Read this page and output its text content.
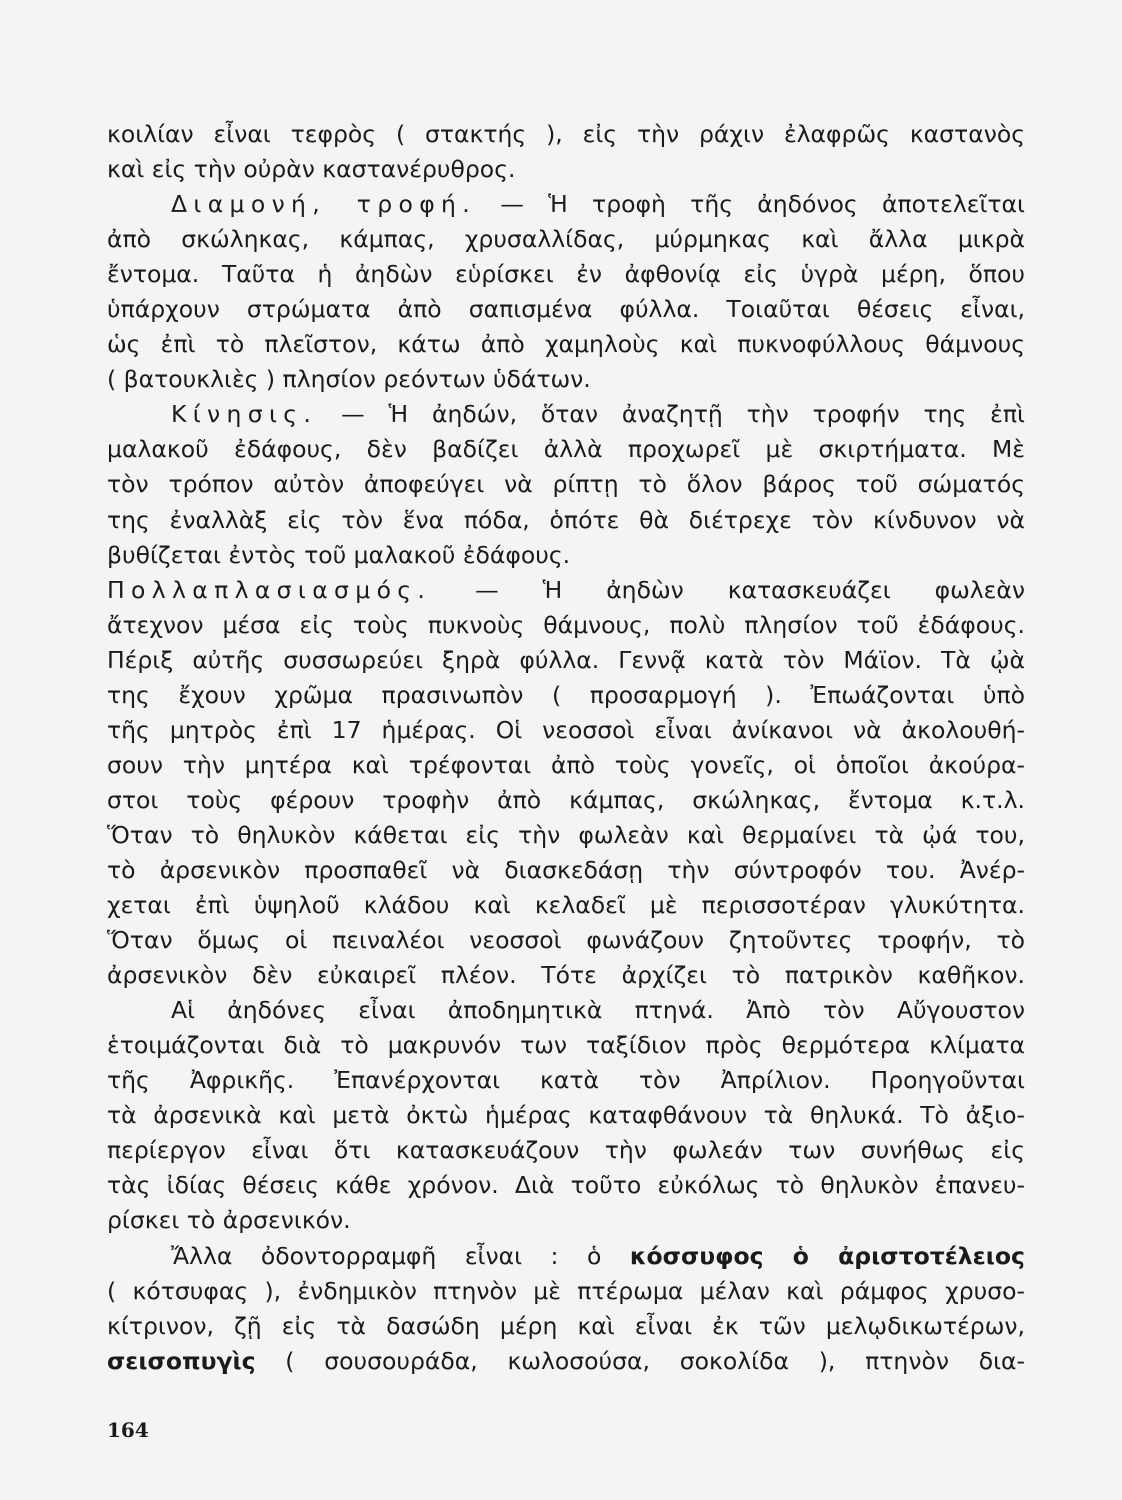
κοιλίαν εἶναι τεφρὸς ( στακτής ), εἰς τὴν ράχιν ἐλαφρῶς καστανὸς
καὶ εἰς τὴν οὐρὰν καστανέρυθρος.
Διαμονή, τροφή. — Ἡ τροφὴ τῆς ἀηδόνος ἀποτελεῖται
ἀπὸ σκώληκας, κάμπας, χρυσαλλίδας, μύρμηκας καὶ ἄλλα μικρὰ
ἔντομα. Ταῦτα ἡ ἀηδὼν εὑρίσκει ἐν ἀφθονίᾳ εἰς ὑγρὰ μέρη, ὅπου
ὑπάρχουν στρώματα ἀπὸ σαπισμένα φύλλα. Τοιαῦται θέσεις εἶναι,
ὡς ἐπὶ τὸ πλεῖστον, κάτω ἀπὸ χαμηλοὺς καὶ πυκνοφύλλους θάμνους
( βατουκλιὲς ) πλησίον ρεόντων ὑδάτων.
Κίνησις. — Ἡ ἀηδών, ὅταν ἀναζητῇ τὴν τροφήν της ἐπὶ
μαλακοῦ ἐδάφους, δὲν βαδίζει ἀλλὰ προχωρεῖ μὲ σκιρτήματα. Μὲ
τὸν τρόπον αὐτὸν ἀποφεύγει νὰ ρίπτῃ τὸ ὅλον βάρος τοῦ σώματός
της ἐναλλὰξ εἰς τὸν ἕνα πόδα, ὁπότε θὰ διέτρεχε τὸν κίνδυνον νὰ
βυθίζεται ἐντὸς τοῦ μαλακοῦ ἐδάφους.
Πολλαπλασιασμός. — Ἡ ἀηδὼν κατασκευάζει φωλεὰν
ἄτεχνον μέσα εἰς τοὺς πυκνοὺς θάμνους, πολὺ πλησίον τοῦ ἐδάφους.
Πέριξ αὐτῆς συσσωρεύει ξηρὰ φύλλα. Γεννᾷ κατὰ τὸν Μάϊον. Τὰ ᾠὰ
της ἔχουν χρῶμα πρασινωπὸν ( προσαρμογή ). Ἐπωάζονται ὑπὸ
τῆς μητρὸς ἐπὶ 17 ἡμέρας. Οἱ νεοσσοὶ εἶναι ἀνίκανοι νὰ ἀκολουθή-
σουν τὴν μητέρα καὶ τρέφονται ἀπὸ τοὺς γονεῖς, οἱ ὁποῖοι ἀκούρα-
στοι τοὺς φέρουν τροφὴν ἀπὸ κάμπας, σκώληκας, ἔντομα κ.τ.λ.
Ὅταν τὸ θηλυκὸν κάθεται εἰς τὴν φωλεὰν καὶ θερμαίνει τὰ ᾠά του,
τὸ ἀρσενικὸν προσπαθεῖ νὰ διασκεδάσῃ τὴν σύντροφόν του. Ἀνέρ-
χεται ἐπὶ ὑψηλοῦ κλάδου καὶ κελαδεῖ μὲ περισσοτέραν γλυκύτητα.
Ὅταν ὅμως οἱ πειναλέοι νεοσσοὶ φωνάζουν ζητοῦντες τροφήν, τὸ
ἀρσενικὸν δὲν εὐκαιρεῖ πλέον. Τότε ἀρχίζει τὸ πατρικὸν καθῆκον.
Αἱ ἀηδόνες εἶναι ἀποδημητικὰ πτηνά. Ἀπὸ τὸν Αὔγουστον
ἑτοιμάζονται διὰ τὸ μακρυνόν των ταξίδιον πρὸς θερμότερα κλίματα
τῆς Ἀφρικῆς. Ἐπανέρχονται κατὰ τὸν Ἀπρίλιον. Προηγοῦνται
τὰ ἀρσενικὰ καὶ μετὰ ὀκτὼ ἡμέρας καταφθάνουν τὰ θηλυκά. Τὸ ἀξιο-
περίεργον εἶναι ὅτι κατασκευάζουν τὴν φωλεάν των συνήθως εἰς
τὰς ἰδίας θέσεις κάθε χρόνον. Διὰ τοῦτο εὐκόλως τὸ θηλυκὸν ἐπανευ-
ρίσκει τὸ ἀρσενικόν.
Ἄλλα ὀδοντορραμφῆ εἶναι : ὁ κόσσυφος ὁ ἀριστοτέλειος
( κότσυφας ), ἐνδημικὸν πτηνὸν μὲ πτέρωμα μέλαν καὶ ράμφος χρυσο-
κίτρινον, ζῇ εἰς τὰ δασώδη μέρη καὶ εἶναι ἐκ τῶν μελῳδικωτέρων,
σεισοπυγὶς ( σουσουράδα, κωλοσούσα, σοκολίδα ), πτηνὸν δια-
164
